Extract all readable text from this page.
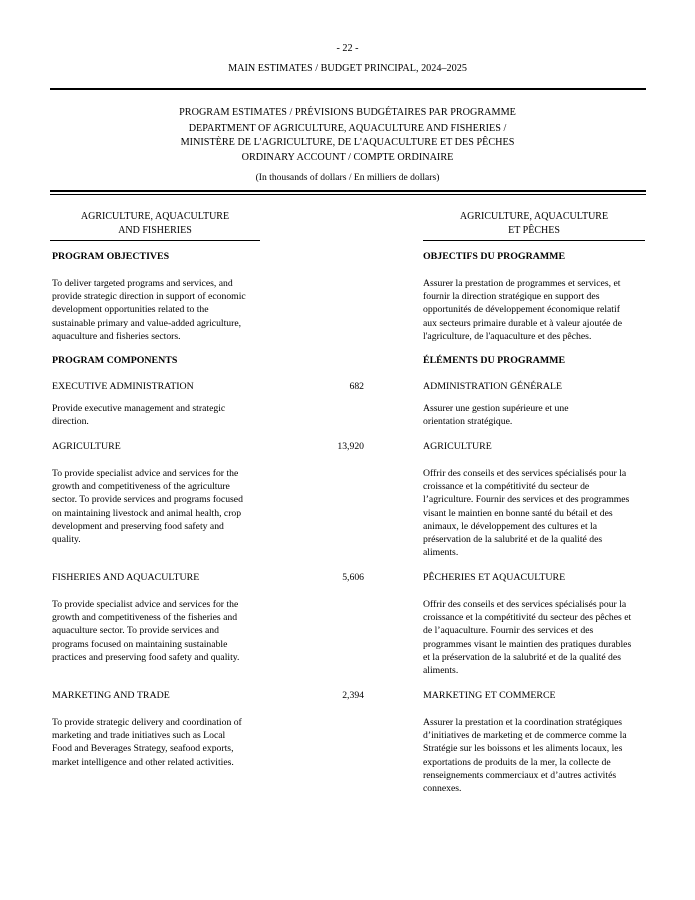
- 22 -
MAIN ESTIMATES / BUDGET PRINCIPAL, 2024–2025
PROGRAM ESTIMATES / PRÉVISIONS BUDGÉTAIRES PAR PROGRAMME
DEPARTMENT OF AGRICULTURE, AQUACULTURE AND FISHERIES /
MINISTÈRE DE L'AGRICULTURE, DE L'AQUACULTURE ET DES PÊCHES
ORDINARY ACCOUNT / COMPTE ORDINAIRE
(In thousands of dollars / En milliers de dollars)
AGRICULTURE, AQUACULTURE
AND FISHERIES
AGRICULTURE, AQUACULTURE
ET PÊCHES
PROGRAM OBJECTIVES	OBJECTIFS DU PROGRAMME
To deliver targeted programs and services, and
provide strategic direction in support of economic
development opportunities related to the
sustainable primary and value-added agriculture,
aquaculture and fisheries sectors.
Assurer la prestation de programmes et services, et
fournir la direction stratégique en support des
opportunités de développement économique relatif
aux secteurs primaire durable et à valeur ajoutée de
l'agriculture, de l'aquaculture et des pêches.
PROGRAM COMPONENTS	ÉLÉMENTS DU PROGRAMME
EXECUTIVE ADMINISTRATION	682	ADMINISTRATION GÉNÉRALE
Provide executive management and strategic
direction.
Assurer une gestion supérieure et une
orientation stratégique.
AGRICULTURE	13,920	AGRICULTURE
To provide specialist advice and services for the
growth and competitiveness of the agriculture
sector. To provide services and programs focused
on maintaining livestock and animal health, crop
development and preserving food safety and
quality.
Offrir des conseils et des services spécialisés pour la
croissance et la compétitivité du secteur de
l’agriculture. Fournir des services et des programmes
visant le maintien en bonne santé du bétail et des
animaux, le développement des cultures et la
préservation de la salubrité et de la qualité des
aliments.
FISHERIES AND AQUACULTURE	5,606	PÊCHERIES ET AQUACULTURE
To provide specialist advice and services for the
growth and competitiveness of the fisheries and
aquaculture sector. To provide services and
programs focused on maintaining sustainable
practices and preserving food safety and quality.
Offrir des conseils et des services spécialisés pour la
croissance et la compétitivité du secteur des pêches et
de l’aquaculture. Fournir des services et des
programmes visant le maintien des pratiques durables
et la préservation de la salubrité et de la qualité des
aliments.
MARKETING AND TRADE	2,394	MARKETING ET COMMERCE
To provide strategic delivery and coordination of
marketing and trade initiatives such as Local
Food and Beverages Strategy, seafood exports,
market intelligence and other related activities.
Assurer la prestation et la coordination stratégiques
d’initiatives de marketing et de commerce comme la
Stratégie sur les boissons et les aliments locaux, les
exportations de produits de la mer, la collecte de
renseignements commerciaux et d’autres activités
connexes.
